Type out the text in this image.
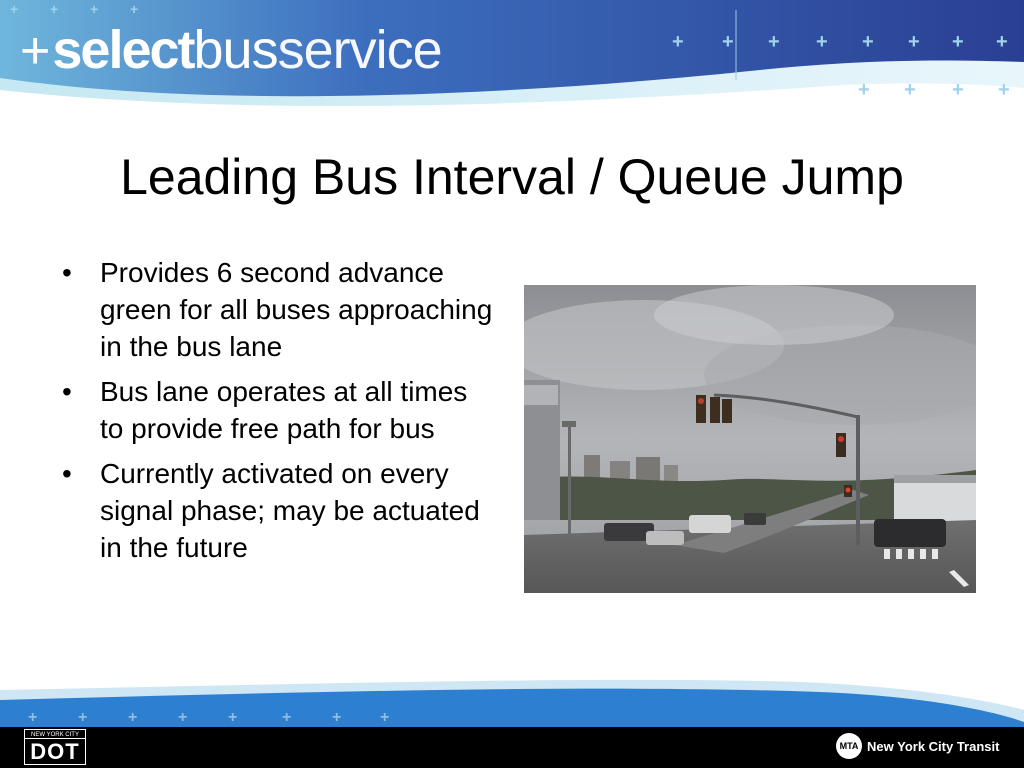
+ + + + + + + +
+ + + +
+ + + +
+ select bus service
Leading Bus Interval / Queue Jump
• Provides 6 second advance green for all buses approaching in the bus lane
• Bus lane operates at all times to provide free path for bus
• Currently activated on every signal phase; may be actuated in the future
+	+	+	+	+	+	+ +
NEW YORK CITY
DOT	MTA New York City Transit
